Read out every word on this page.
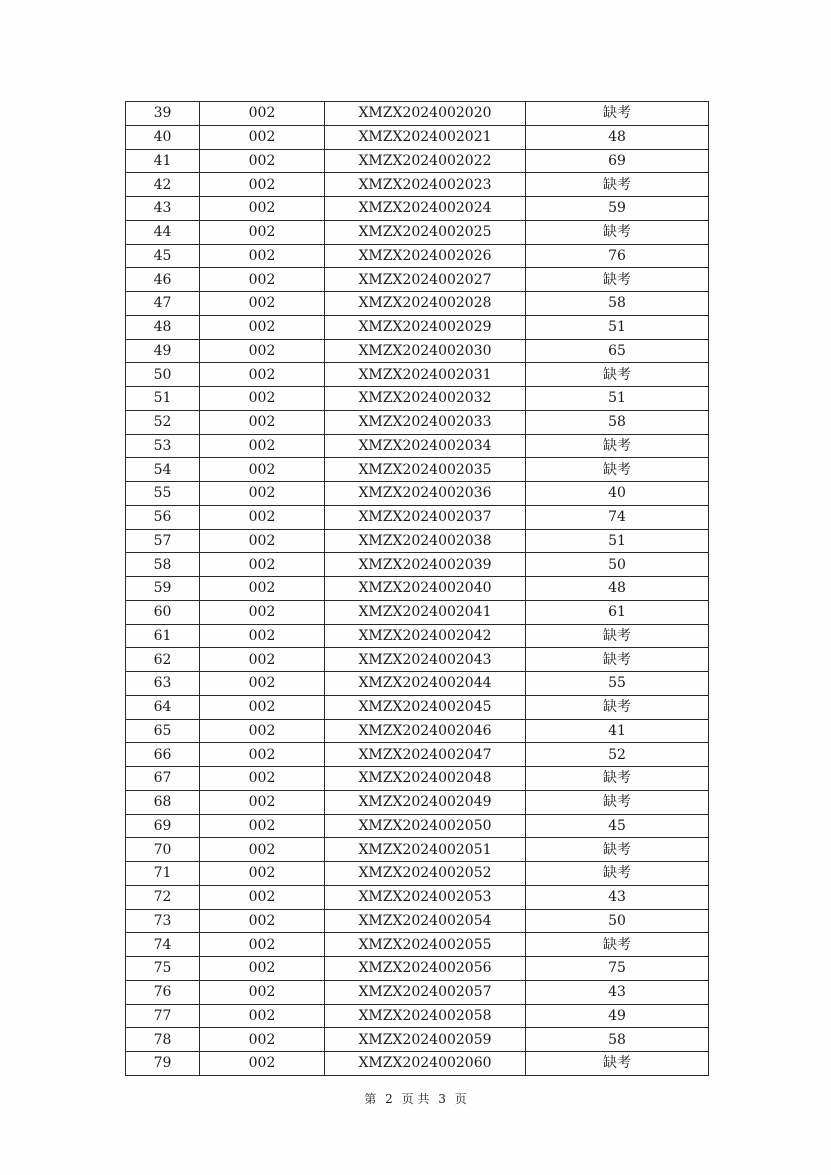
39	002	XMZX2024002020	缺考
40	002	XMZX2024002021	48
41	002	XMZX2024002022	69
42	002	XMZX2024002023	缺考
43	002	XMZX2024002024	59
44	002	XMZX2024002025	缺考
45	002	XMZX2024002026	76
46	002	XMZX2024002027	缺考
47	002	XMZX2024002028	58
48	002	XMZX2024002029	51
49	002	XMZX2024002030	65
50	002	XMZX2024002031	缺考
51	002	XMZX2024002032	51
52	002	XMZX2024002033	58
53	002	XMZX2024002034	缺考
54	002	XMZX2024002035	缺考
55	002	XMZX2024002036	40
56	002	XMZX2024002037	74
57	002	XMZX2024002038	51
58	002	XMZX2024002039	50
59	002	XMZX2024002040	48
60	002	XMZX2024002041	61
61	002	XMZX2024002042	缺考
62	002	XMZX2024002043	缺考
63	002	XMZX2024002044	55
64	002	XMZX2024002045	缺考
65	002	XMZX2024002046	41
66	002	XMZX2024002047	52
67	002	XMZX2024002048	缺考
68	002	XMZX2024002049	缺考
69	002	XMZX2024002050	45
70	002	XMZX2024002051	缺考
71	002	XMZX2024002052	缺考
72	002	XMZX2024002053	43
73	002	XMZX2024002054	50
74	002	XMZX2024002055	缺考
75	002	XMZX2024002056	75
76	002	XMZX2024002057	43
77	002	XMZX2024002058	49
78	002	XMZX2024002059	58
79	002	XMZX2024002060	缺考
第 2 页 共 3 页
